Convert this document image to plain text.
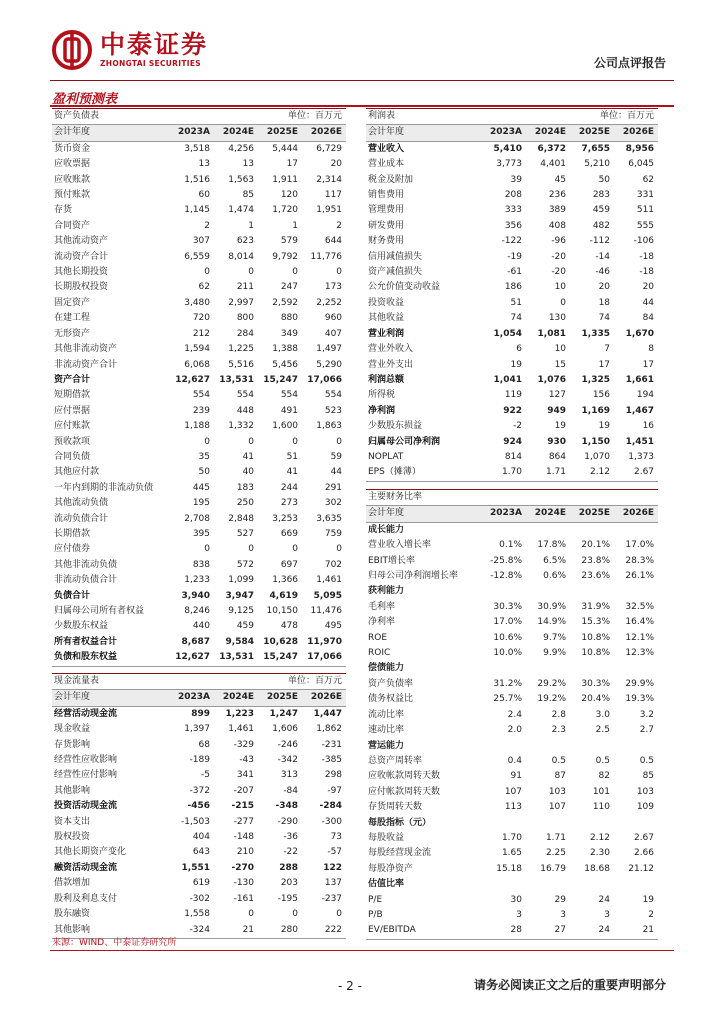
中泰证券
ZHONGTAI SECURITIES	公司点评报告
盈利预测表
资产负债表			单位：百万元	
会计年度	2023A	2024E	2025E	2026E
货币资金	3,518	4,256	5,444	6,729
应收票据	13	13	17	20
应收账款	1,516	1,563	1,911	2,314
预付账款	60	85	120	117
存货	1,145	1,474	1,720	1,951
合同资产	2	1	1	2
其他流动资产	307	623	579	644
流动资产合计	6,559	8,014	9,792	11,776
其他长期投资	0	0	0	0
长期股权投资	62	211	247	173
固定资产	3,480	2,997	2,592	2,252
在建工程	720	800	880	960
无形资产	212	284	349	407
其他非流动资产	1,594	1,225	1,388	1,497
非流动资产合计	6,068	5,516	5,456	5,290
资产合计	12,627	13,531	15,247	17,066
短期借款	554	554	554	554
应付票据	239	448	491	523
应付账款	1,188	1,332	1,600	1,863
预收款项	0	0	0	0
合同负债	35	41	51	59
其他应付款	50	40	41	44
一年内到期的非流动负债	445	183	244	291
其他流动负债	195	250	273	302
流动负债合计	2,708	2,848	3,253	3,635
长期借款	395	527	669	759
应付债券	0	0	0	0
其他非流动负债	838	572	697	702
非流动负债合计	1,233	1,099	1,366	1,461
负债合计	3,940	3,947	4,619	5,095
归属母公司所有者权益	8,246	9,125	10,150	11,476
少数股东权益	440	459	478	495
所有者权益合计	8,687	9,584	10,628	11,970
负债和股东权益	12,627	13,531	15,247	17,066
现金流量表			单位：百万元	
会计年度	2023A	2024E	2025E	2026E
经营活动现金流	899	1,223	1,247	1,447
现金收益	1,397	1,461	1,606	1,862
存货影响	68	-329	-246	-231
经营性应收影响	-189	-43	-342	-385
经营性应付影响	-5	341	313	298
其他影响	-372	-207	-84	-97
投资活动现金流	-456	-215	-348	-284
资本支出	-1,503	-277	-290	-300
股权投资	404	-148	-36	73
其他长期资产变化	643	210	-22	-57
融资活动现金流	1,551	-270	288	122
借款增加	619	-130	203	137
股利及利息支付	-302	-161	-195	-237
股东融资	1,558	0	0	0
其他影响	-324	21	280	222
利润表			单位：百万元	
会计年度	2023A	2024E	2025E	2026E
营业收入	5,410	6,372	7,655	8,956
营业成本	3,773	4,401	5,210	6,045
税金及附加	39	45	50	62
销售费用	208	236	283	331
管理费用	333	389	459	511
研发费用	356	408	482	555
财务费用	-122	-96	-112	-106
信用减值损失	-19	-20	-14	-18
资产减值损失	-61	-20	-46	-18
公允价值变动收益	186	10	20	20
投资收益	51	0	18	44
其他收益	74	130	74	84
营业利润	1,054	1,081	1,335	1,670
营业外收入	6	10	7	8
营业外支出	19	15	17	17
利润总额	1,041	1,076	1,325	1,661
所得税	119	127	156	194
净利润	922	949	1,169	1,467
少数股东损益	-2	19	19	16
归属母公司净利润	924	930	1,150	1,451
NOPLAT	814	864	1,070	1,373
EPS（摊薄）	1.70	1.71	2.12	2.67
主要财务比率				
会计年度	2023A	2024E	2025E	2026E
成长能力				
营业收入增长率	0.1%	17.8%	20.1%	17.0%
EBIT增长率	-25.8%	6.5%	23.8%	28.3%
归母公司净利润增长率	-12.8%	0.6%	23.6%	26.1%
获利能力				
毛利率	30.3%	30.9%	31.9%	32.5%
净利率	17.0%	14.9%	15.3%	16.4%
ROE	10.6%	9.7%	10.8%	12.1%
ROIC	10.0%	9.9%	10.8%	12.3%
偿债能力				
资产负债率	31.2%	29.2%	30.3%	29.9%
债务权益比	25.7%	19.2%	20.4%	19.3%
流动比率	2.4	2.8	3.0	3.2
速动比率	2.0	2.3	2.5	2.7
营运能力				
总资产周转率	0.4	0.5	0.5	0.5
应收帐款周转天数	91	87	82	85
应付帐款周转天数	107	103	101	103
存货周转天数	113	107	110	109
每股指标（元）				
每股收益	1.70	1.71	2.12	2.67
每股经营现金流	1.65	2.25	2.30	2.66
每股净资产	15.18	16.79	18.68	21.12
估值比率				
P/E	30	29	24	19
P/B	3	3	3	2
EV/EBITDA	28	27	24	21
来源：WIND、中泰证券研究所
- 2 -	请务必阅读正文之后的重要声明部分
